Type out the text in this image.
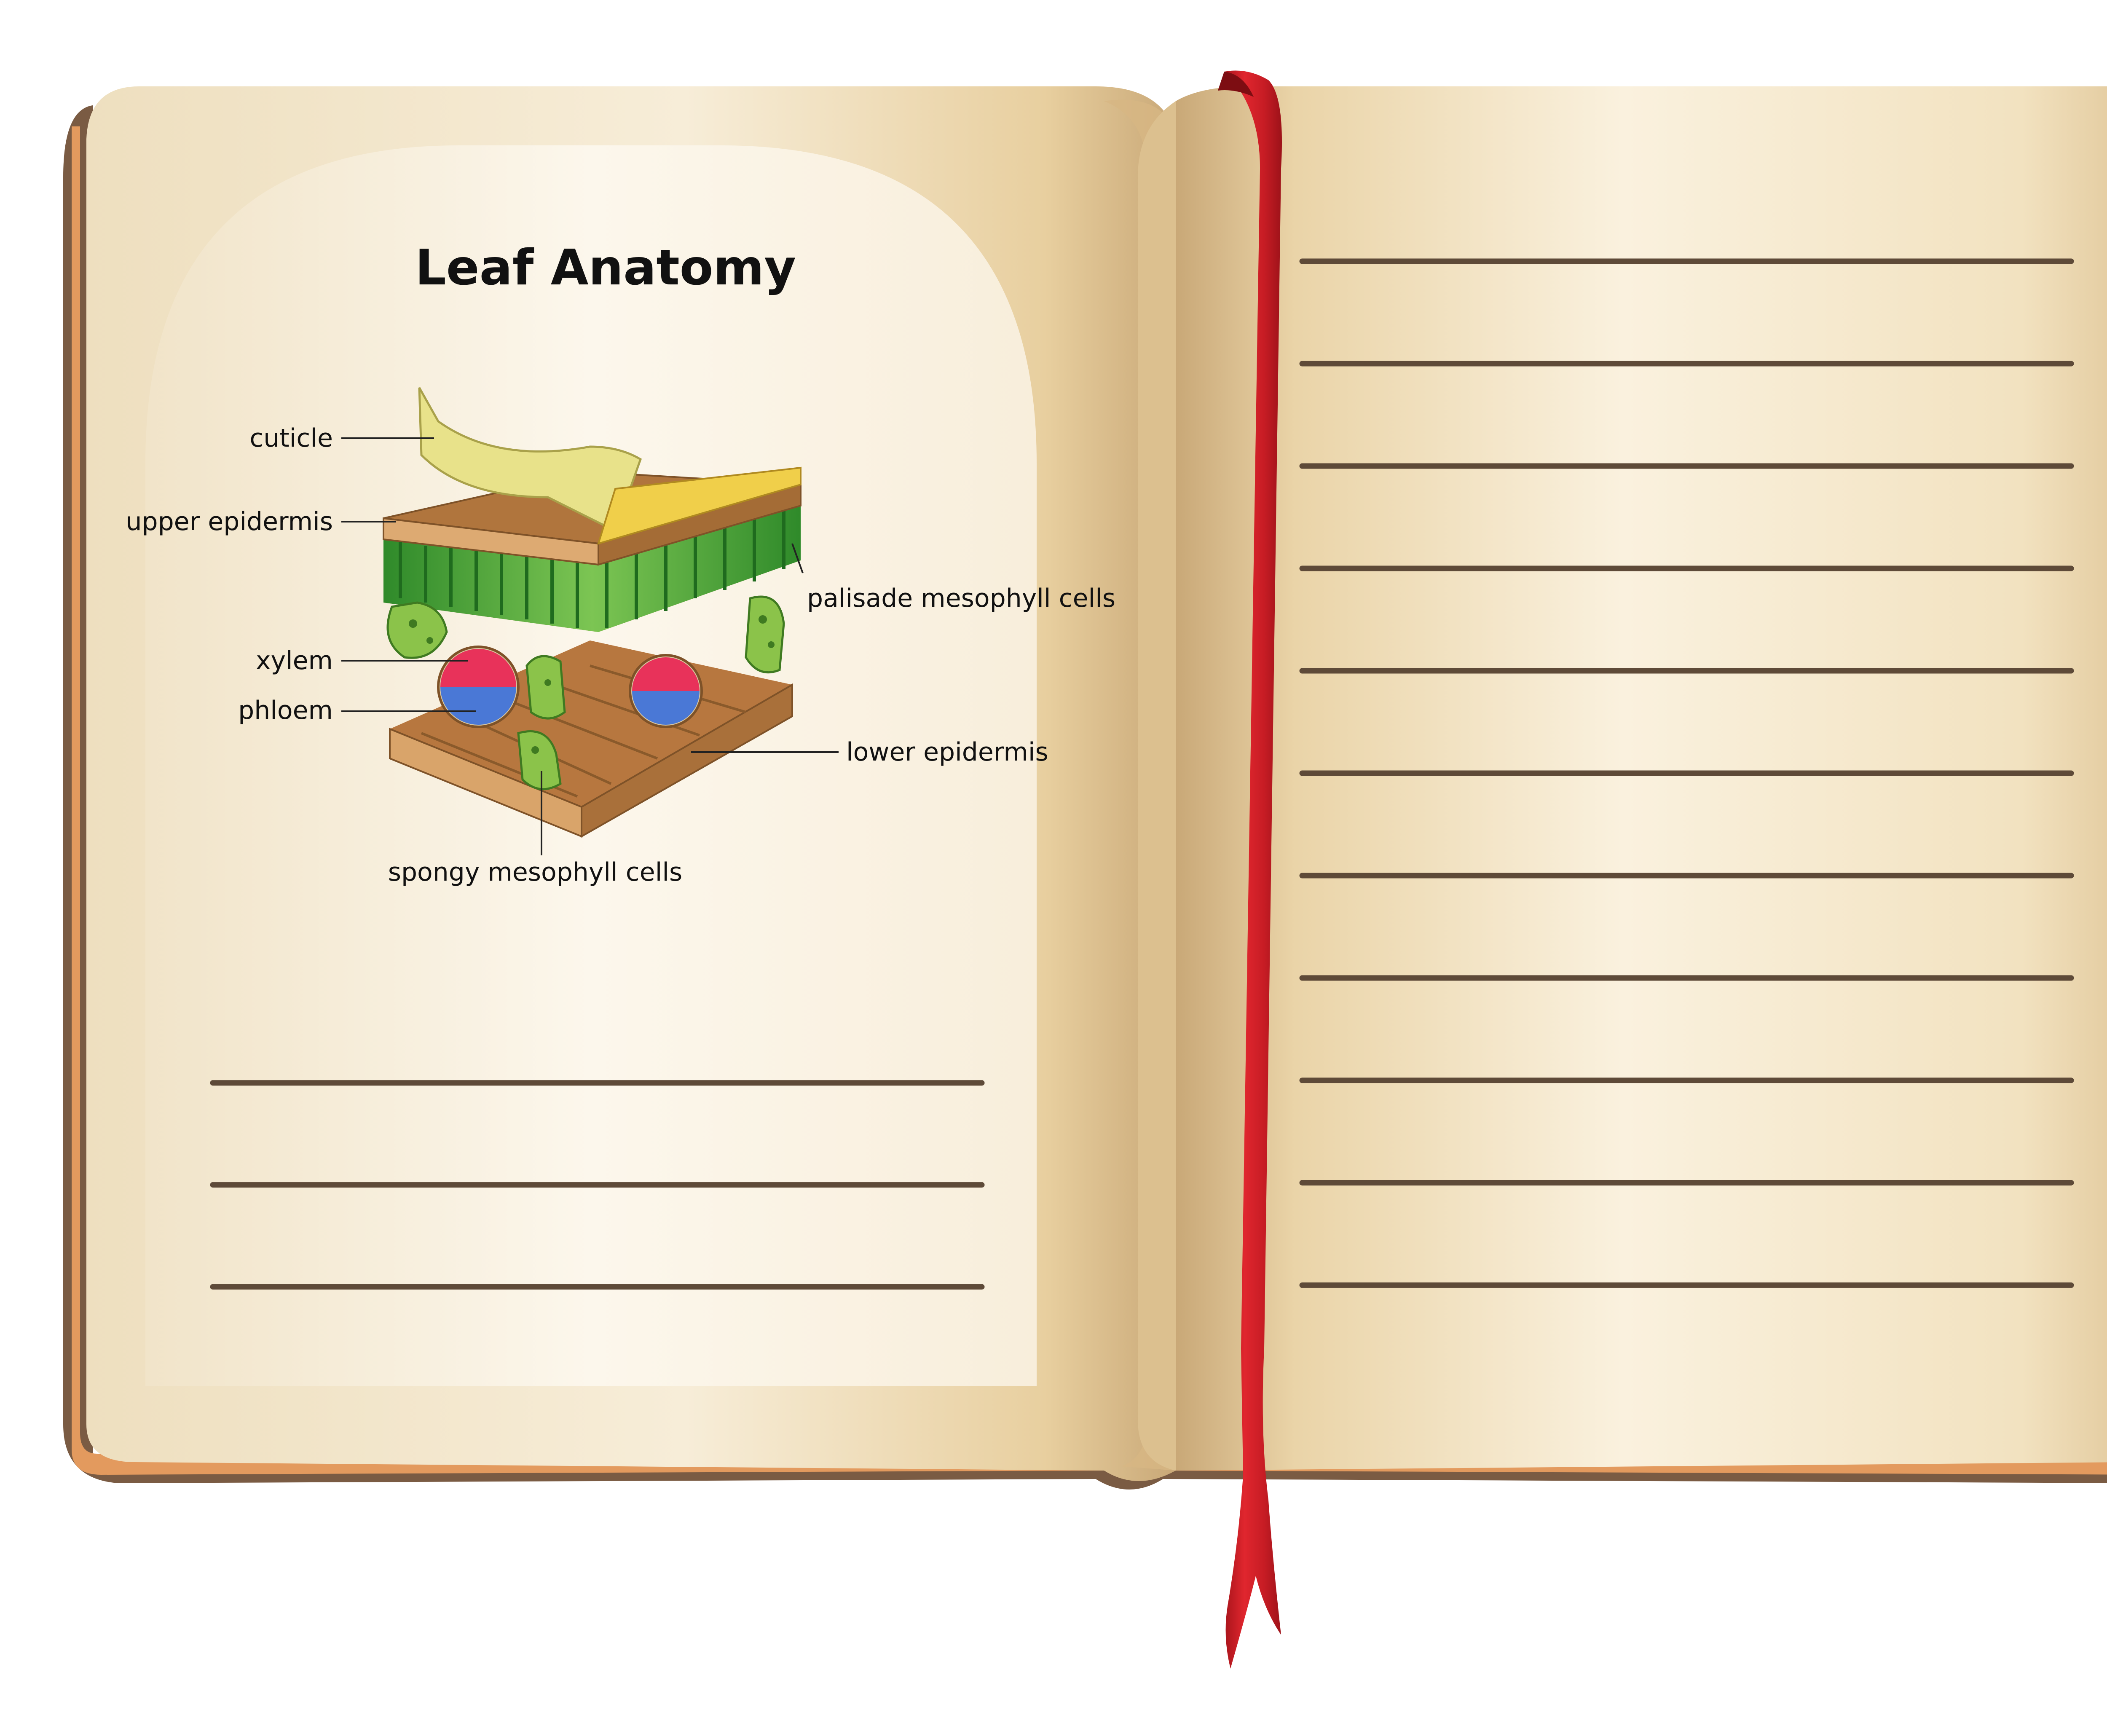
Leaf Anatomy
cuticle
upper epidermis
palisade mesophyll cells
xylem
phloem
lower epidermis
spongy mesophyll cells
